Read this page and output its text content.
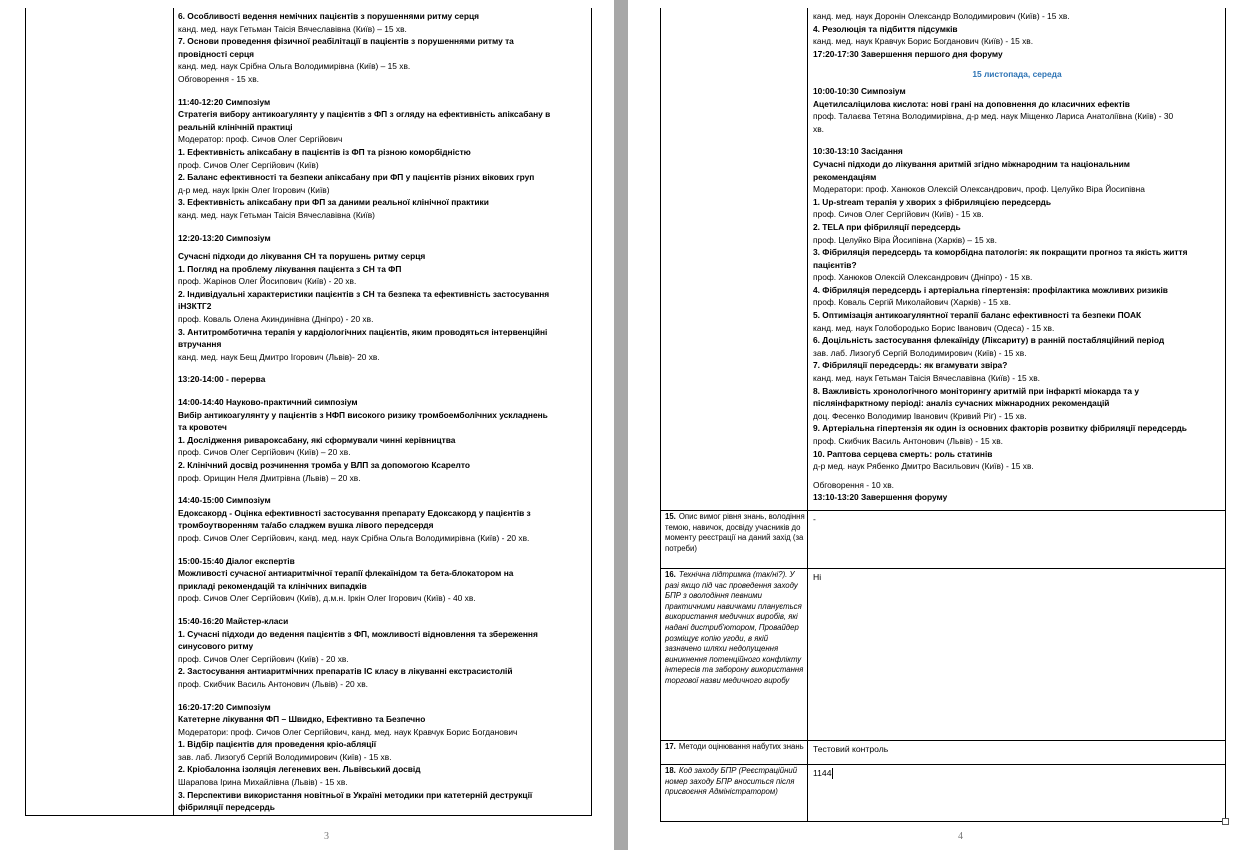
6. Особливості ведення немічних пацієнтів з порушеннями ритму серця
канд. мед. наук Гетьман Таісія Вячеславівна (Київ) – 15 хв.
7. Основи проведення фізичної реабілітації в пацієнтів з порушеннями ритму та
провідності серця
канд. мед. наук Срібна Ольга Володимирівна (Київ) – 15 хв.
Обговорення - 15 хв.
11:40-12:20 Симпозіум
Стратегія вибору антикоагулянту у пацієнтів з ФП з огляду на ефективність апіксабану в
реальній клінічній практиці
Модератор: проф. Сичов Олег Сергійович
1. Ефективність апіксабану в пацієнтів із ФП та різною коморбідністю
проф. Сичов Олег Сергійович (Київ)
2. Баланс ефективності та безпеки апіксабану при ФП у пацієнтів різних вікових груп
д-р мед. наук Іркін Олег Ігорович (Київ)
3. Ефективність апіксабану при ФП за даними реальної клінічної практики
канд. мед. наук Гетьман Таісія Вячеславівна (Київ)
12:20-13:20 Симпозіум
Сучасні підходи до лікування СН та порушень ритму серця
1. Погляд на проблему лікування пацієнта з СН та ФП
проф. Жарінов Олег Йосипович (Київ) - 20 хв.
2. Індивідуальні характеристики пацієнтів з СН та безпека та ефективність застосування
іНЗКТГ2
проф. Коваль Олена Акиндинівна (Дніпро) - 20 хв.
3. Антитромботична терапія у кардіологічних пацієнтів, яким проводяться інтервенційні
втручання
канд. мед. наук Бещ Дмитро Ігорович (Львів)- 20 хв.
13:20-14:00 - перерва
14:00-14:40 Науково-практичний симпозіум
Вибір антикоагулянту у пацієнтів з НФП високого ризику тромбоемболічних ускладнень
та кровотеч
1. Дослідження ривароксабану, які сформували чинні керівництва
проф. Сичов Олег Сергійович (Київ) – 20 хв.
2. Клінічний досвід розчинення тромба у ВЛП за допомогою Ксарелто
проф. Орищин Неля Дмитрівна (Львів) – 20 хв.
14:40-15:00 Симпозіум
Едоксакорд - Оцінка ефективності застосування препарату Едоксакорд у пацієнтів з
тромбоутворенням та/або сладжем вушка лівого передсердя
проф. Сичов Олег Сергійович, канд. мед. наук Срібна Ольга Володимирівна (Київ) - 20 хв.
15:00-15:40 Діалог експертів
Можливості сучасної антиаритмічної терапії флекаїнідом та бета-блокатором на
прикладі рекомендацій та клінічних випадків
проф. Сичов Олег Сергійович (Київ), д.м.н. Іркін Олег Ігорович (Київ) - 40 хв.
15:40-16:20 Майстер-класи
1. Сучасні підходи до ведення пацієнтів з ФП, можливості відновлення та збереження
синусового ритму
проф. Сичов Олег Сергійович (Київ) - 20 хв.
2. Застосування антиаритмічних препаратів ІС класу в лікуванні екстрасистолій
проф. Скибчик Василь Антонович (Львів) - 20 хв.
16:20-17:20 Симпозіум
Катетерне лікування ФП – Швидко, Ефективно та Безпечно
Модератори: проф. Сичов Олег Сергійович, канд. мед. наук Кравчук Борис Богданович
1. Відбір пацієнтів для проведення кріо-абляції
зав. лаб. Лизогуб Сергій Володимирович (Київ) - 15 хв.
2. Кріобалонна ізоляція легеневих вен. Львівський досвід
Шарапова Ірина Михайлівна (Львів) - 15 хв.
3. Перспективи використання новітньої в Україні методики при катетерній деструкції
фібриляції передсердь
3
канд. мед. наук Доронін Олександр Володимирович (Київ) - 15 хв.
4. Резолюція та підбиття підсумків
канд. мед. наук Кравчук Борис Богданович (Київ) - 15 хв.
17:20-17:30 Завершення першого дня форуму
15 листопада, середа
10:00-10:30 Симпозіум
Ацетилсаліцилова кислота: нові грані на доповнення до класичних ефектів
проф. Талаєва Тетяна Володимирівна, д-р мед. наук Міщенко Лариса Анатоліївна (Київ) - 30
хв.
10:30-13:10 Засідання
Сучасні підходи до лікування аритмій згідно міжнародним та національним
рекомендаціям
Модератори: проф. Ханюков Олексій Олександрович, проф. Целуйко Віра Йосипівна
1. Up-stream терапія у хворих з фібриляцією передсердь
проф. Сичов Олег Сергійович (Київ) - 15 хв.
2. TELA при фібриляції передсердь
проф. Целуйко Віра Йосипівна (Харків) – 15 хв.
3. Фібриляція передсердь та коморбідна патологія: як покращити прогноз та якість життя
пацієнтів?
проф. Ханюков Олексій Олександрович (Дніпро) - 15 хв.
4. Фібриляція передсердь і артеріальна гіпертензія: профілактика можливих ризиків
проф. Коваль Сергій Миколайович (Харків) - 15 хв.
5. Оптимізація антикоагулянтної терапії баланс ефективності та безпеки ПОАК
канд. мед. наук Голобородько Борис Іванович (Одеса) - 15 хв.
6. Доцільність застосування флекаїніду (Ліксариту) в ранній постабляційний період
зав. лаб. Лизогуб Сергій Володимирович (Київ) - 15 хв.
7. Фібриляції передсердь: як вгамувати звіра?
канд. мед. наук Гетьман Таісія Вячеславівна (Київ) - 15 хв.
8. Важливість хронологічного моніторингу аритмій при інфаркті міокарда та у
післяінфарктному періоді: аналіз сучасних міжнародних рекомендацій
доц. Фесенко Володимир Іванович (Кривий Ріг) - 15 хв.
9. Артеріальна гіпертензія як один із основних факторів розвитку фібриляції передсердь
проф. Скибчик Василь Антонович (Львів) - 15 хв.
10. Раптова серцева смерть: роль статинів
д-р мед. наук Рябенко Дмитро Васильович (Київ) - 15 хв.
Обговорення - 10 хв.
13:10-13:20 Завершення форуму
15. Опис вимог рівня знань, володіння темою, навичок, досвіду учасників до моменту реєстрації на даний захід (за потреби)
-
16. Технічна підтримка (так/ні?). У разі якщо під час проведення заходу БПР з оволодіння певними практичними навичками планується використання медичних виробів, які надані дистриб'ютором, Провайдер розміщує копію угоди, в якій зазначено шляхи недопущення виникнення потенційного конфлікту інтересів та заборону використання торгової назви медичного виробу
Ні
17. Методи оцінювання набутих знань Тестовий контроль
18. Код заходу БПР (Реєстраційний номер заходу БПР вноситься після присвоєння Адміністратором)
1144
4
